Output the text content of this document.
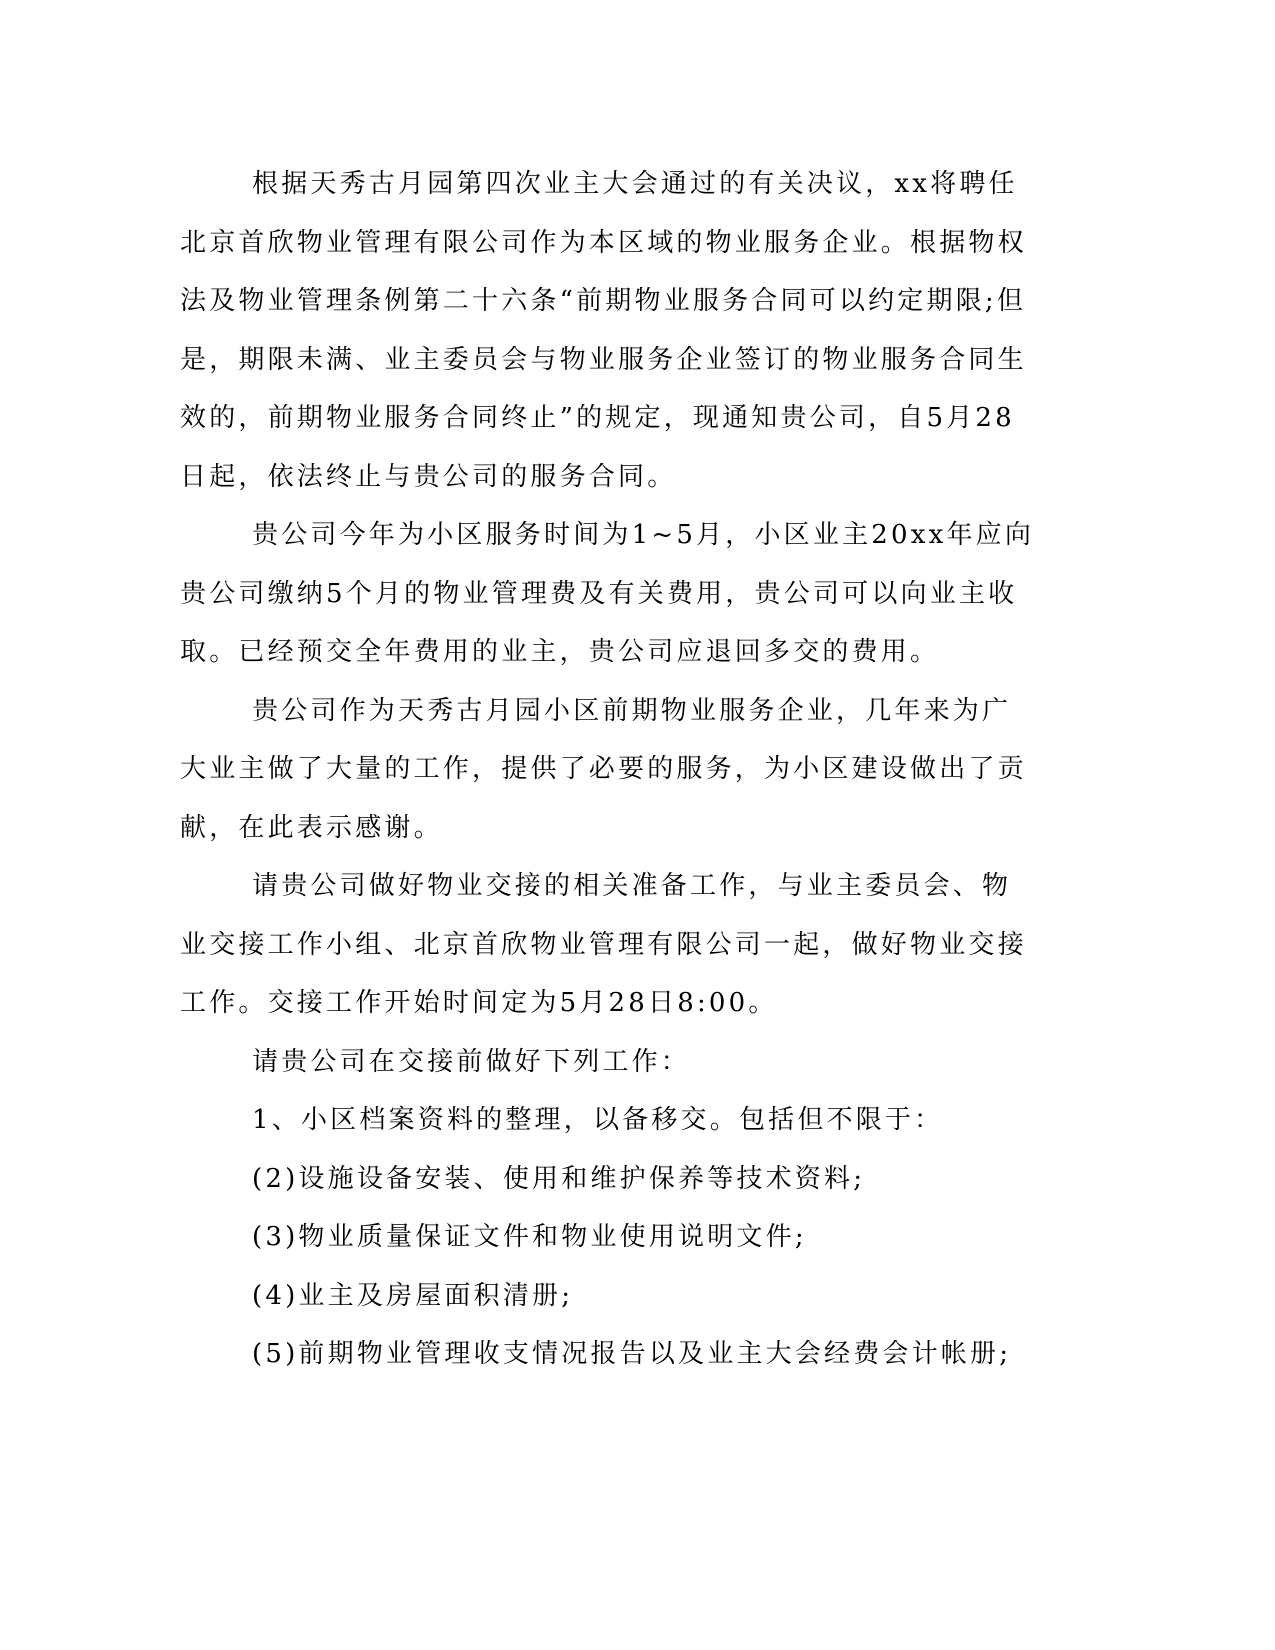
根据天秀古月园第四次业主大会通过的有关决议，xx将聘任北京首欣物业管理有限公司作为本区域的物业服务企业。根据物权法及物业管理条例第二十六条“前期物业服务合同可以约定期限;但是，期限未满、业主委员会与物业服务企业签订的物业服务合同生效的，前期物业服务合同终止”的规定，现通知贵公司，自5月28日起，依法终止与贵公司的服务合同。

贵公司今年为小区服务时间为1~5月，小区业主20xx年应向贵公司缴纳5个月的物业管理费及有关费用，贵公司可以向业主收取。已经预交全年费用的业主，贵公司应退回多交的费用。

贵公司作为天秀古月园小区前期物业服务企业，几年来为广大业主做了大量的工作，提供了必要的服务，为小区建设做出了贡献，在此表示感谢。

请贵公司做好物业交接的相关准备工作，与业主委员会、物业交接工作小组、北京首欣物业管理有限公司一起，做好物业交接工作。交接工作开始时间定为5月28日8:00。

请贵公司在交接前做好下列工作：

1、小区档案资料的整理，以备移交。包括但不限于：

(2)设施设备安装、使用和维护保养等技术资料;

(3)物业质量保证文件和物业使用说明文件;

(4)业主及房屋面积清册;

(5)前期物业管理收支情况报告以及业主大会经费会计帐册;
